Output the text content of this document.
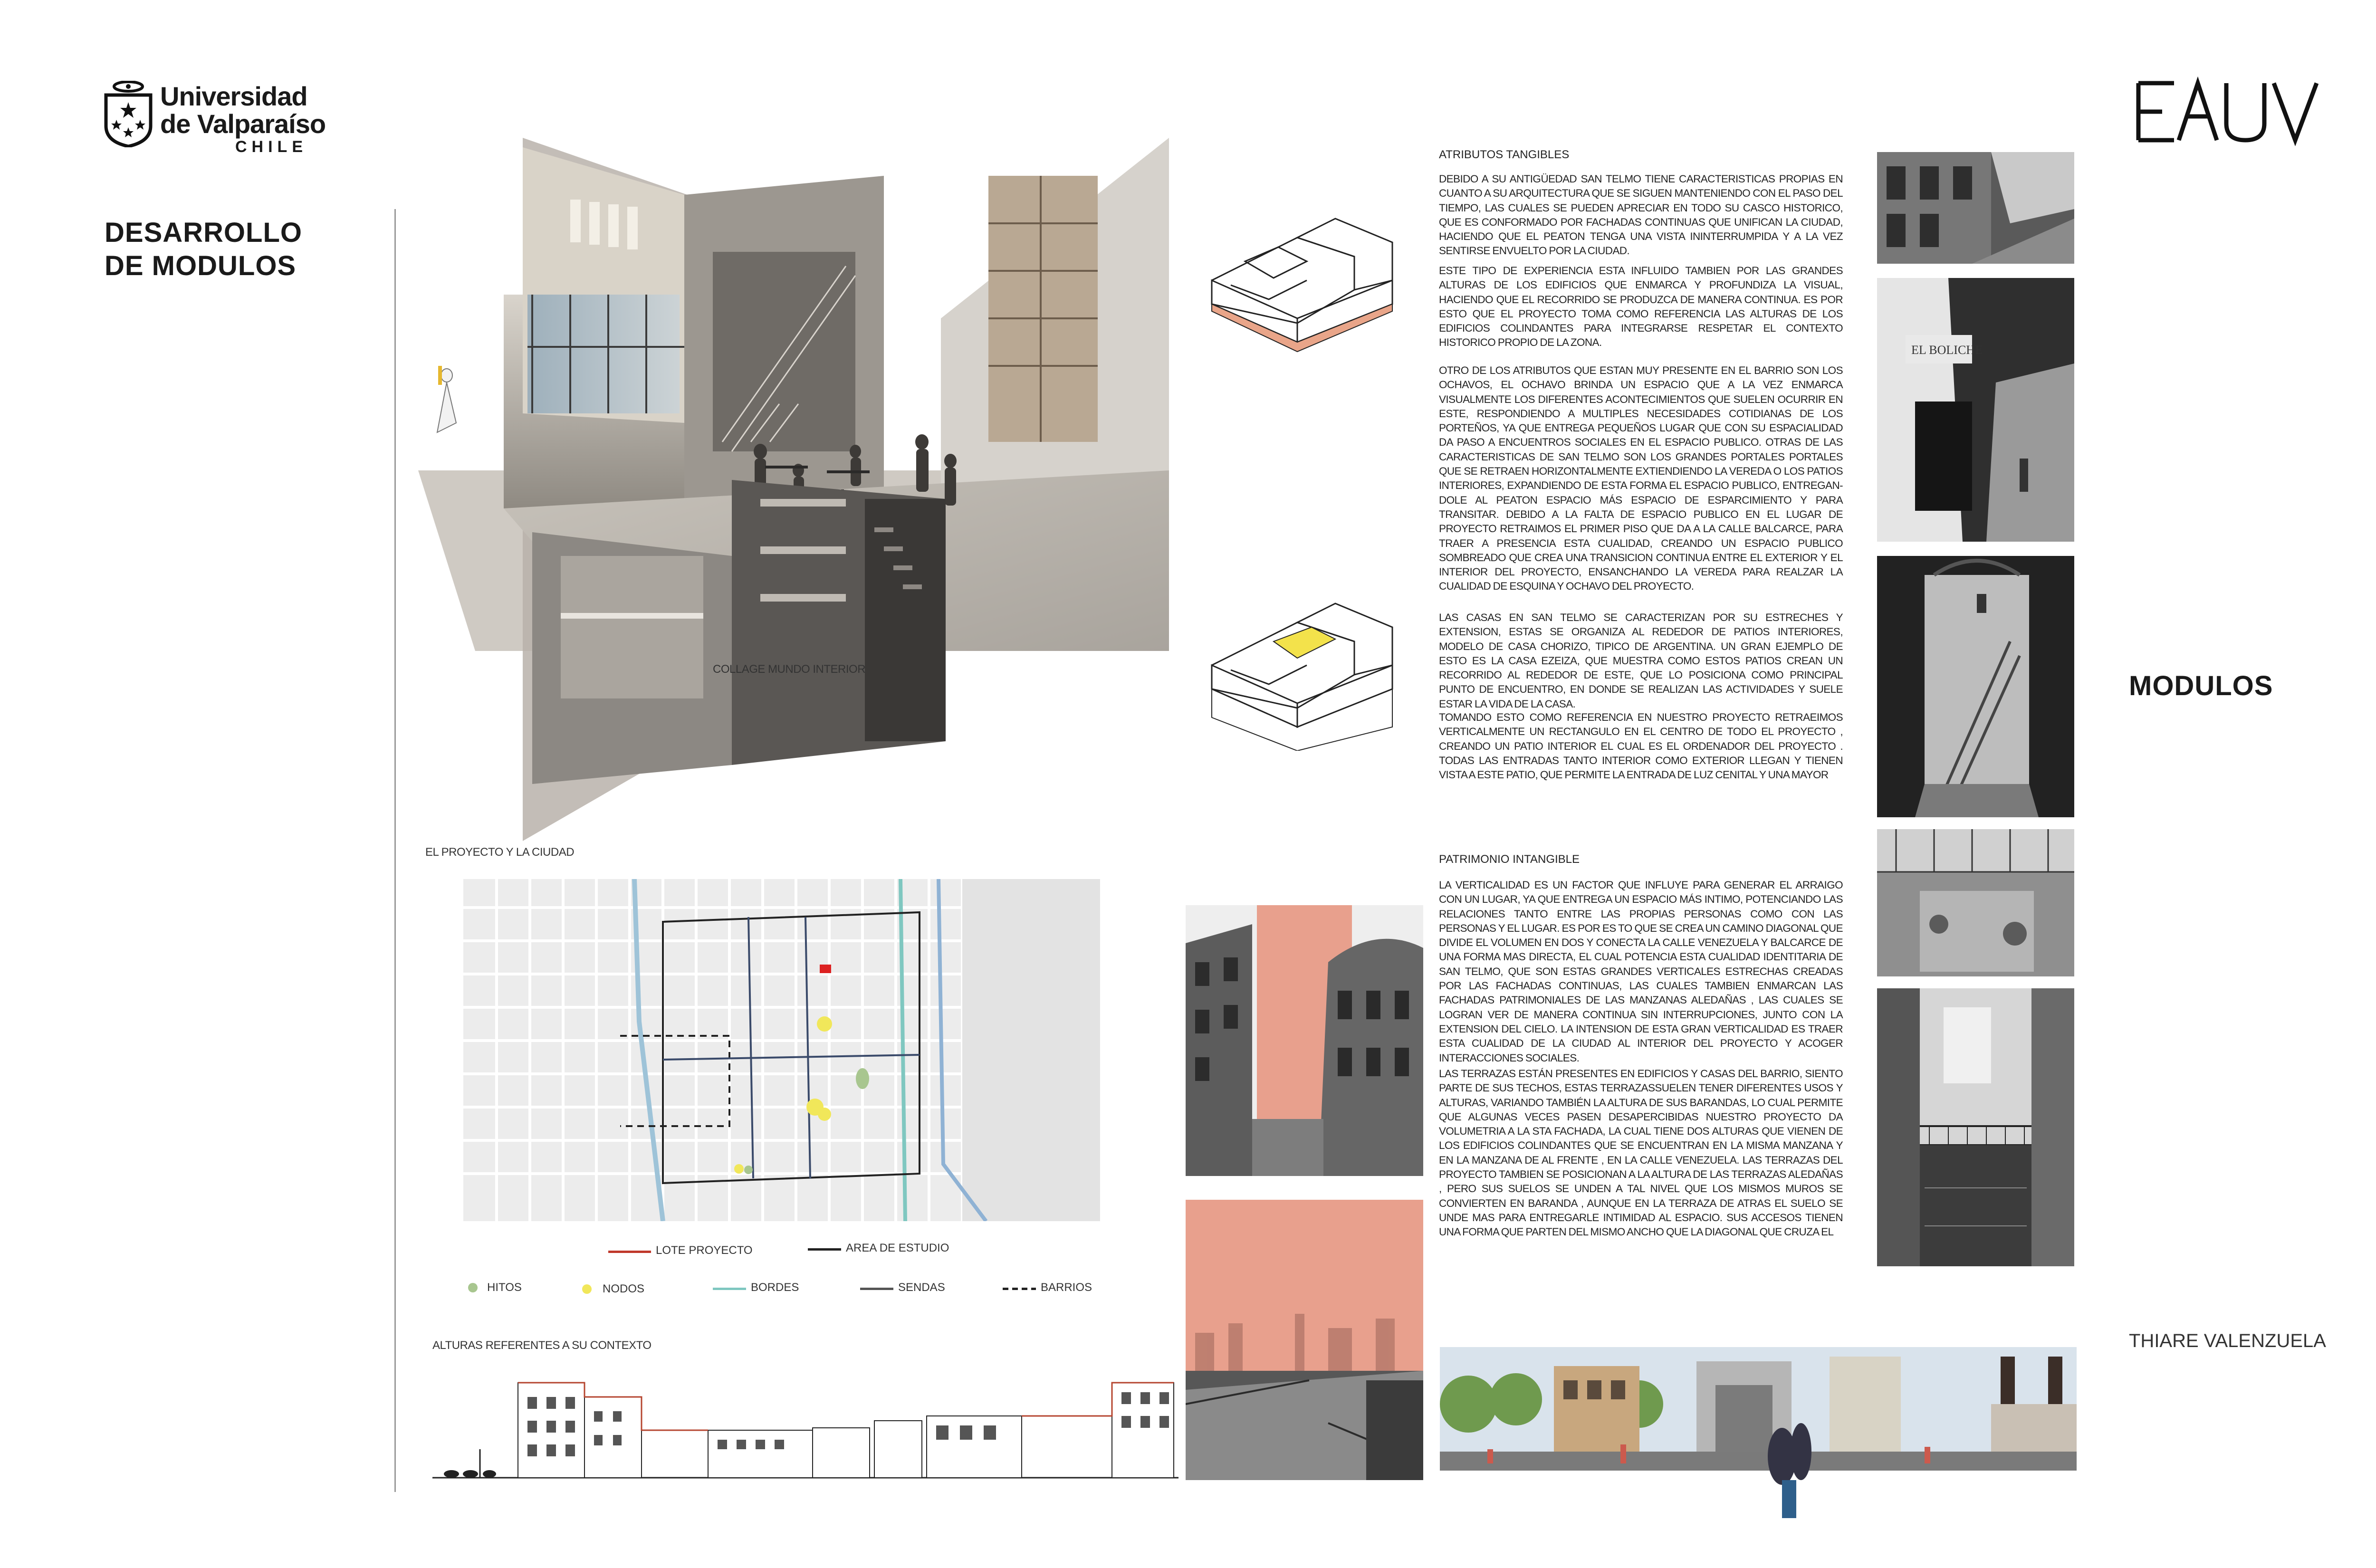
Universidad
de Valparaíso
CHILE
DESARROLLO
DE MODULOS
EAUV
MODULOS
THIARE VALENZUELA
COLLAGE MUNDO INTERIOR
ATRIBUTOS TANGIBLES

DEBIDO A SU ANTIGÜEDAD SAN TELMO TIENE CARACTERISTICAS PROPIAS EN CUANTO A SU ARQUITECTURA QUE SE SIGUEN MANTENIENDO CON EL PASO DEL TIEMPO, LAS CUALES SE PUEDEN APRECIAR EN TODO SU CASCO HISTORICO, QUE ES CONFORMADO POR FACHADAS CONTINUAS QUE UNIFICAN LA CIUDAD, HACIENDO QUE EL PEATON TENGA UNA VISTA ININTERRUMPIDA Y A LA VEZ SENTIRSE ENVUELTO POR LA CIUDAD.

ESTE TIPO DE EXPERIENCIA ESTA INFLUIDO TAMBIEN POR LAS GRANDES ALTURAS DE LOS EDIFICIOS QUE ENMARCA Y PROFUNDIZA LA VISUAL, HACIENDO QUE EL RECORRIDO SE PRODUZCA DE MANERA CONTINUA. ES POR ESTO QUE EL PROYECTO TOMA COMO REFERENCIA LAS ALTURAS DE LOS EDIFICIOS COLINDANTES PARA INTEGRARSE RESPETAR EL CONTEXTO HISTORICO PROPIO DE LA ZONA.

OTRO DE LOS ATRIBUTOS QUE ESTAN MUY PRESENTE EN EL BARRIO SON LOS OCHAVOS, EL OCHAVO BRINDA UN ESPACIO QUE A LA VEZ ENMARCA VISUALMENTE LOS DIFERENTES ACONTECIMIENTOS QUE SUELEN OCURRIR EN ESTE, RESPONDIENDO A MULTIPLES NECESIDADES COTIDIANAS DE LOS PORTEÑOS, YA QUE ENTREGA PEQUEÑOS LUGAR QUE CON SU ESPACIALIDAD DA PASO A ENCUENTROS SOCIALES EN EL ESPACIO PUBLICO. OTRAS DE LAS CARACTERISTICAS DE SAN TELMO SON LOS GRANDES PORTALES PORTALES QUE SE RETRAEN HORIZONTALMENTE EXTIENDIENDO LA VEREDA O LOS PATIOS INTERIORES, EXPANDIENDO DE ESTA FORMA EL ESPACIO PUBLICO, ENTREGAN-DOLE AL PEATON ESPACIO MÁS ESPACIO DE ESPARCIMIENTO Y PARA TRANSITAR. DEBIDO A LA FALTA DE ESPACIO PUBLICO EN EL LUGAR DE PROYECTO RETRAIMOS EL PRIMER PISO QUE DA A LA CALLE BALCARCE, PARA TRAER A PRESENCIA ESTA CUALIDAD, CREANDO UN ESPACIO PUBLICO SOMBREADO QUE CREA UNA TRANSICION CONTINUA ENTRE EL EXTERIOR Y EL INTERIOR DEL PROYECTO, ENSANCHANDO LA VEREDA PARA REALZAR LA CUALIDAD DE ESQUINA Y OCHAVO DEL PROYECTO.

LAS CASAS EN SAN TELMO SE CARACTERIZAN POR SU ESTRECHES Y EXTENSION, ESTAS SE ORGANIZA AL REDEDOR DE PATIOS INTERIORES, MODELO DE CASA CHORIZO, TIPICO DE ARGENTINA. UN GRAN EJEMPLO DE ESTO ES LA CASA EZEIZA, QUE MUESTRA COMO ESTOS PATIOS CREAN UN RECORRIDO AL REDEDOR DE ESTE, QUE LO POSICIONA COMO PRINCIPAL PUNTO DE ENCUENTRO, EN DONDE SE REALIZAN LAS ACTIVIDADES Y SUELE ESTAR LA VIDA DE LA CASA.

TOMANDO ESTO COMO REFERENCIA EN NUESTRO PROYECTO RETRAEIMOS VERTICALMENTE UN RECTANGULO EN EL CENTRO DE TODO EL PROYECTO , CREANDO UN PATIO INTERIOR EL CUAL ES EL ORDENADOR DEL PROYECTO . TODAS LAS ENTRADAS TANTO INTERIOR COMO EXTERIOR LLEGAN Y TIENEN VISTA A ESTE PATIO, QUE PERMITE LA ENTRADA DE LUZ CENITAL Y UNA MAYOR

PATRIMONIO INTANGIBLE

LA VERTICALIDAD ES UN FACTOR QUE INFLUYE PARA GENERAR EL ARRAIGO CON UN LUGAR, YA QUE ENTREGA UN ESPACIO MÁS INTIMO, POTENCIANDO LAS RELACIONES TANTO ENTRE LAS PROPIAS PERSONAS COMO CON LAS PERSONAS Y EL LUGAR. ES POR ES TO QUE SE CREA UN CAMINO DIAGONAL QUE DIVIDE EL VOLUMEN EN DOS Y CONECTA LA CALLE VENEZUELA Y BALCARCE DE UNA FORMA MAS DIRECTA, EL CUAL POTENCIA ESTA CUALIDAD IDENTITARIA DE SAN TELMO, QUE SON ESTAS GRANDES VERTICALES ESTRECHAS CREADAS POR LAS FACHADAS CONTINUAS, LAS CUALES TAMBIEN ENMARCAN LAS FACHADAS PATRIMONIALES DE LAS MANZANAS ALEDAÑAS , LAS CUALES SE LOGRAN VER DE MANERA CONTINUA SIN INTERRUPCIONES, JUNTO CON LA EXTENSION DEL CIELO. LA INTENSION DE ESTA GRAN VERTICALIDAD ES TRAER ESTA CUALIDAD DE LA CIUDAD AL INTERIOR DEL PROYECTO Y ACOGER INTERACCIONES SOCIALES.

LAS TERRAZAS ESTÁN PRESENTES EN EDIFICIOS Y CASAS DEL BARRIO, SIENTO PARTE DE SUS TECHOS, ESTAS TERRAZASSUELEN TENER DIFERENTES USOS Y ALTURAS, VARIANDO TAMBIÉN LA ALTURA DE SUS BARANDAS, LO CUAL PERMITE QUE ALGUNAS VECES PASEN DESAPERCIBIDAS NUESTRO PROYECTO DA VOLUMETRIA A LA STA FACHADA, LA CUAL TIENE DOS ALTURAS QUE VIENEN DE LOS EDIFICIOS COLINDANTES QUE SE ENCUENTRAN EN LA MISMA MANZANA Y EN LA MANZANA DE AL FRENTE , EN LA CALLE VENEZUELA. LAS TERRAZAS DEL PROYECTO TAMBIEN SE POSICIONAN A LA ALTURA DE LAS TERRAZAS ALEDAÑAS , PERO SUS SUELOS SE UNDEN A TAL NIVEL QUE LOS MISMOS MUROS SE CONVIERTEN EN BARANDA , AUNQUE EN LA TERRAZA DE ATRAS EL SUELO SE UNDE MAS PARA ENTREGARLE INTIMIDAD AL ESPACIO. SUS ACCESOS TIENEN UNA FORMA QUE PARTEN DEL MISMO ANCHO QUE LA DIAGONAL QUE CRUZA EL

EL BOLICHE
EL PROYECTO Y LA CIUDAD
LOTE PROYECTO	AREA DE ESTUDIO
HITOS	NODOS	BORDES	SENDAS	BARRIOS
ALTURAS REFERENTES A SU CONTEXTO
